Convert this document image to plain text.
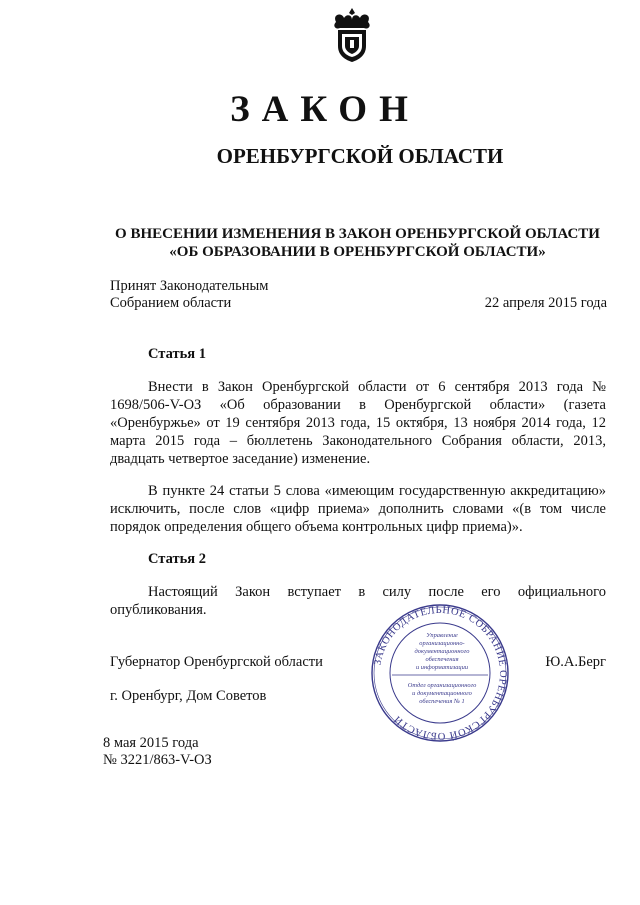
ЗАКОН
ОРЕНБУРГСКОЙ ОБЛАСТИ
О ВНЕСЕНИИ ИЗМЕНЕНИЯ В ЗАКОН ОРЕНБУРГСКОЙ ОБЛАСТИ
«ОБ ОБРАЗОВАНИИ В ОРЕНБУРГСКОЙ ОБЛАСТИ»
Принят Законодательным
Собранием области	22 апреля 2015 года
Статья 1

Внести в Закон Оренбургской области от 6 сентября 2013 года № 1698/506-V-ОЗ «Об образовании в Оренбургской области» (газета «Оренбуржье» от 19 сентября 2013 года, 15 октября, 13 ноября 2014 года, 12 марта 2015 года – бюллетень Законодательного Собрания области, 2013, двадцать четвертое заседание) изменение.

В пункте 24 статьи 5 слова «имеющим государственную аккредитацию» исключить, после слов «цифр приема» дополнить словами «(в том числе порядок определения общего объема контрольных цифр приема)».

Статья 2

Настоящий Закон вступает в силу после его официального опубликования.

Губернатор Оренбургской области	Ю.А.Берг
г. Оренбург, Дом Советов
8 мая 2015 года
№ 3221/863-V-ОЗ
ЗАКОНОДАТЕЛЬНОЕ СОБРАНИЕ ОРЕНБУРГСКОЙ ОБЛАСТИ
Управление
организационно-
документационного
обеспечения
и информатизации
Отдел организационного
и документационного
обеспечения № 1
